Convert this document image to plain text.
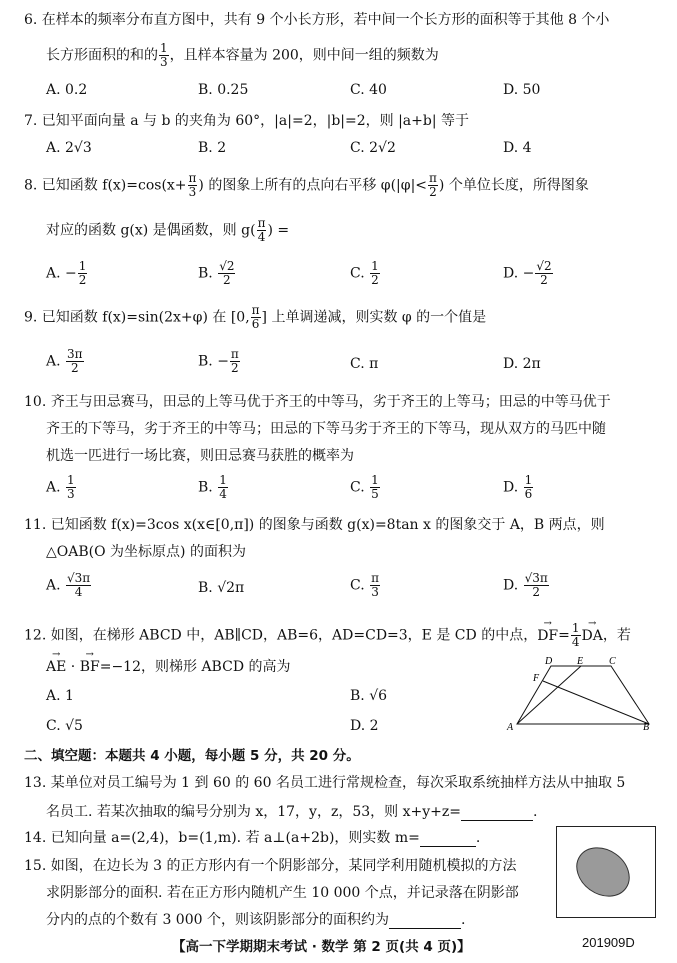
6. 在样本的频率分布直方图中，共有 9 个小长方形，若中间一个长方形的面积等于其他 8 个小
长方形面积的和的 $\frac{1}{3}$ ，且样本容量为 200，则中间一组的频数为
A. 0.2	B. 0.25	C. 40	D. 50
7. 已知平面向量 a 与 b 的夹角为 60°，|a|=2，|b|=2，则 |a+b| 等于
A. 2√3	B. 2	C. 2√2	D. 4
8. 已知函数 $f(x)=\cos(x+ \frac{\pi}{3}$ ) 的图象上所有的点向右平移 $\varphi(|\varphi|< \frac{\pi}{2}$ ) 个单位长度，所得图象
对应的函数 g(x) 是偶函数，则 $g( \frac{\pi}{4}$ ) =
A. − $\frac{1}{2}$	B. $\frac{√2}{2}$	C. $\frac{1}{2}$	D. − $\frac{√2}{2}$
9. 已知函数 f(x)=sin(2x+φ) 在 [0, $\frac{\pi}{6}$ ] 上单调递减，则实数 φ 的一个值是
A. $\frac{3\pi}{2}$	B. − $\frac{\pi}{2}$	C. π	D. 2π
10. 齐王与田忌赛马，田忌的上等马优于齐王的中等马，劣于齐王的上等马；田忌的中等马优于
齐王的下等马，劣于齐王的中等马；田忌的下等马劣于齐王的下等马，现从双方的马匹中随
机选一匹进行一场比赛，则田忌赛马获胜的概率为
A. $\frac{1}{3}$	B. $\frac{1}{4}$	C. $\frac{1}{5}$	D. $\frac{1}{6}$
11. 已知函数 f(x)=3cos x(x∈[0,π]) 的图象与函数 g(x)=8tan x 的图象交于 A，B 两点，则
△OAB(O 为坐标原点) 的面积为
A. $\frac{√3\pi}{4}$	B. √2π	C. $\frac{\pi}{3}$	D. $\frac{√3\pi}{2}$
12. 如图，在梯形 ABCD 中，AB∥CD，AB=6，AD=CD=3，E 是 CD 的中点，→ $DF= \frac{1}{4}$
→ DA，若
→ AE · → BF=−12，则梯形 ABCD 的高为
A. 1	B. √6
C. √5	D. 2
D E	C
F
A	B
二、填空题：本题共 4 小题，每小题 5 分，共 20 分。
13. 某单位对员工编号为 1 到 60 的 60 名员工进行常规检查，每次采取系统抽样方法从中抽取 5
名员工. 若某次抽取的编号分别为 x，17，y，z，53，则 x+y+z=	.
14. 已知向量 a=(2,4)，b=(1,m). 若 a⊥(a+2b)，则实数 m=	.
15. 如图，在边长为 3 的正方形内有一个阴影部分，某同学利用随机模拟的方法
求阴影部分的面积. 若在正方形内随机产生 10 000 个点，并记录落在阴影部
分内的点的个数有 3 000 个，则该阴影部分的面积约为	.
【高一下学期期末考试 · 数学 第 2 页(共 4 页)】	201909D
